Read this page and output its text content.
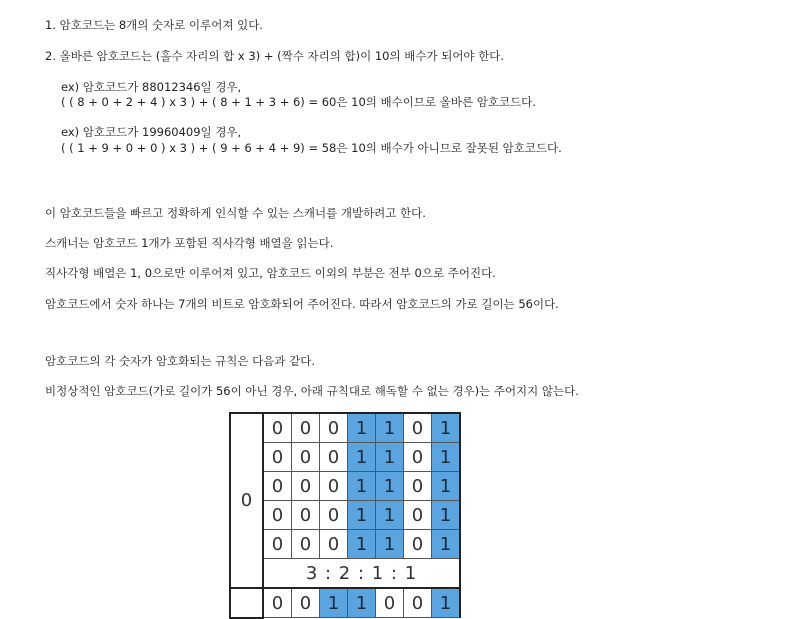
1. 암호코드는 8개의 숫자로 이루어져 있다.
2. 올바른 암호코드는 (홀수 자리의 합 x 3) + (짝수 자리의 합)이 10의 배수가 되어야 한다.
ex) 암호코드가 88012346일 경우,
( ( 8 + 0 + 2 + 4 ) x 3 ) + ( 8 + 1 + 3 + 6) = 60은 10의 배수이므로 올바른 암호코드다.
ex) 암호코드가 19960409일 경우,
( ( 1 + 9 + 0 + 0 ) x 3 ) + ( 9 + 6 + 4 + 9) = 58은 10의 배수가 아니므로 잘못된 암호코드다.
이 암호코드들을 빠르고 정확하게 인식할 수 있는 스캐너를 개발하려고 한다.
스캐너는 암호코드 1개가 포함된 직사각형 배열을 읽는다.
직사각형 배열은 1, 0으로만 이루어져 있고, 암호코드 이외의 부분은 전부 0으로 주어진다.
암호코드에서 숫자 하나는 7개의 비트로 암호화되어 주어진다. 따라서 암호코드의 가로 길이는 56이다.
암호코드의 각 숫자가 암호화되는 규칙은 다음과 같다.
비정상적인 암호코드(가로 길이가 56이 아닌 경우, 아래 규칙대로 해독할 수 없는 경우)는 주어지지 않는다.
0	0	0	0	1	1	0	1
	0	0	0	1	1	0	1
	0	0	0	1	1	0	1
	0	0	0	1	1	0	1
	0	0	0	1	1	0	1
	3 : 2 : 1 : 1						
	0	0	1	1	0	0	1
